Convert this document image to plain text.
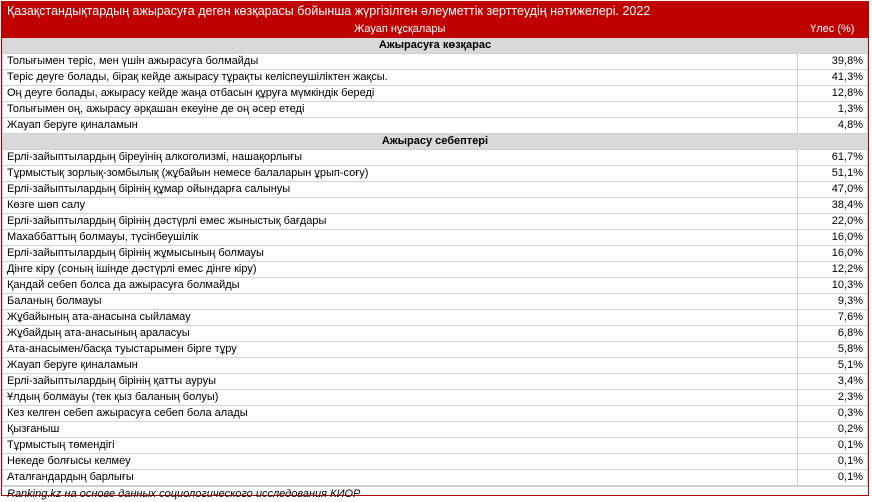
Қазақстандықтардың ажырасуға деген көзқарасы бойынша жүргізілген әлеуметтік зерттеудің нәтижелері. 2022
Жауап нұсқалары	Үлес (%)
Ажырасуға көзқарас	
Толығымен теріс, мен үшін ажырасуға болмайды	39,8%
Теріс деуге болады, бірақ кейде ажырасу тұрақты келіспеушіліктен жақсы.	41,3%
Оң деуге болады, ажырасу кейде жаңа отбасын құруға мүмкіндік береді	12,8%
Толығымен оң, ажырасу әрқашан екеуіне де оң әсер етеді	1,3%
Жауап беруге қиналамын	4,8%
Ажырасу себептері	
Ерлі-зайыптылардың біреуінің алкоголизмі, нашақорлығы	61,7%
Тұрмыстық зорлық-зомбылық (жұбайын немесе балаларын ұрып-соғу)	51,1%
Ерлі-зайыптылардың бірінің құмар ойындарға салынуы	47,0%
Көзге шөп салу	38,4%
Ерлі-зайыптылардың бірінің дәстүрлі емес жыныстық бағдары	22,0%
Махаббаттың болмауы, түсінбеушілік	16,0%
Ерлі-зайыптылардың бірінің жұмысының болмауы	16,0%
Дінге кіру (соның ішінде дәстүрлі емес дінге кіру)	12,2%
Қандай себеп болса да ажырасуға болмайды	10,3%
Баланың болмауы	9,3%
Жұбайының ата-анасына сыйламау	7,6%
Жұбайдың ата-анасының араласуы	6,8%
Ата-анасымен/басқа туыстарымен бірге тұру	5,8%
Жауап беруге қиналамын	5,1%
Ерлі-зайыптылардың бірінің қатты ауруы	3,4%
Ұлдың болмауы (тек қыз баланың болуы)	2,3%
Кез келген себеп ажырасуға себеп бола алады	0,3%
Қызғаныш	0,2%
Тұрмыстың төмендігі	0,1%
Некеде болғысы келмеу	0,1%
Аталғандардың барлығы	0,1%
Ranking.kz на основе данных социологического исследования КИОР
